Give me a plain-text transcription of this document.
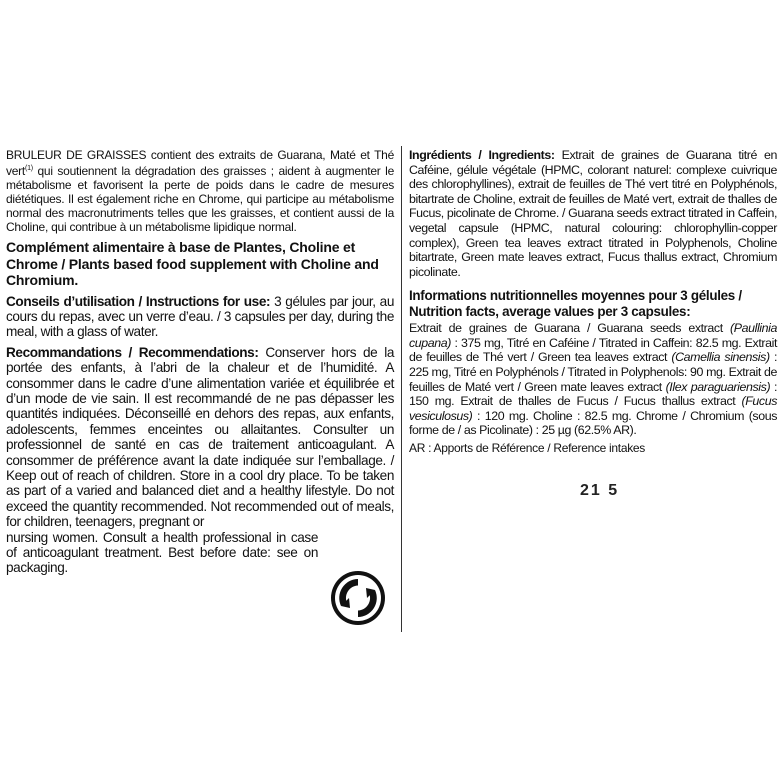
BRULEUR DE GRAISSES contient des extraits de Guarana, Maté et Thé vert$^{(1)}$ qui soutiennent la dégradation des graisses ; aident à augmenter le métabolisme et favorisent la perte de poids dans le cadre de mesures diététiques. Il est également riche en Chrome, qui participe au métabolisme normal des macronutriments telles que les graisses, et contient aussi de la Choline, qui contribue à un métabolisme lipidique normal.

Complément alimentaire à base de Plantes, Choline et Chrome / Plants based food supplement with Choline and Chromium.

Conseils d’utilisation / Instructions for use: 3 gélules par jour, au cours du repas, avec un verre d’eau. / 3 capsules per day, during the meal, with a glass of water.

Recommandations / Recommendations: Conserver hors de la portée des enfants, à l’abri de la chaleur et de l’humidité. A consommer dans le cadre d’une alimentation variée et équilibrée et d’un mode de vie sain. Il est recommandé de ne pas dépasser les quantités indiquées. Déconseillé en dehors des repas, aux enfants, adolescents, femmes enceintes ou allaitantes. Consulter un professionnel de santé en cas de traitement anticoagulant. A consommer de préférence avant la date indiquée sur l’emballage. / Keep out of reach of children. Store in a cool dry place. To be taken as part of a varied and balanced diet and a healthy lifestyle. Do not exceed the quantity recommended. Not recommended out of meals, for children, teenagers, pregnant or

nursing women. Consult a health professional in case of anticoagulant treatment. Best before date: see on packaging.

Ingrédients / Ingredients: Extrait de graines de Guarana titré en Caféine, gélule végétale (HPMC, colorant naturel: complexe cuivrique des chlorophyllines), extrait de feuilles de Thé vert titré en Polyphénols, bitartrate de Choline, extrait de feuilles de Maté vert, extrait de thalles de Fucus, picolinate de Chrome. / Guarana seeds extract titrated in Caffein, vegetal capsule (HPMC, natural colouring: chlorophyllin-copper complex), Green tea leaves extract titrated in Polyphenols, Choline bitartrate, Green mate leaves extract, Fucus thallus extract, Chromium picolinate.

Informations nutritionnelles moyennes pour 3 gélules / Nutrition facts, average values per 3 capsules:

Extrait de graines de Guarana / Guarana seeds extract (Paullinia cupana) : 375 mg, Titré en Caféine / Titrated in Caffein: 82.5 mg. Extrait de feuilles de Thé vert / Green tea leaves extract (Camellia sinensis) : 225 mg, Titré en Polyphénols / Titrated in Polyphenols: 90 mg. Extrait de feuilles de Maté vert / Green mate leaves extract (Ilex paraguariensis) : 150 mg. Extrait de thalles de Fucus / Fucus thallus extract (Fucus vesiculosus) : 120 mg. Choline : 82.5 mg. Chrome / Chromium (sous forme de / as Picolinate) : 25 µg (62.5% AR).

AR : Apports de Référence / Reference intakes

21 5
